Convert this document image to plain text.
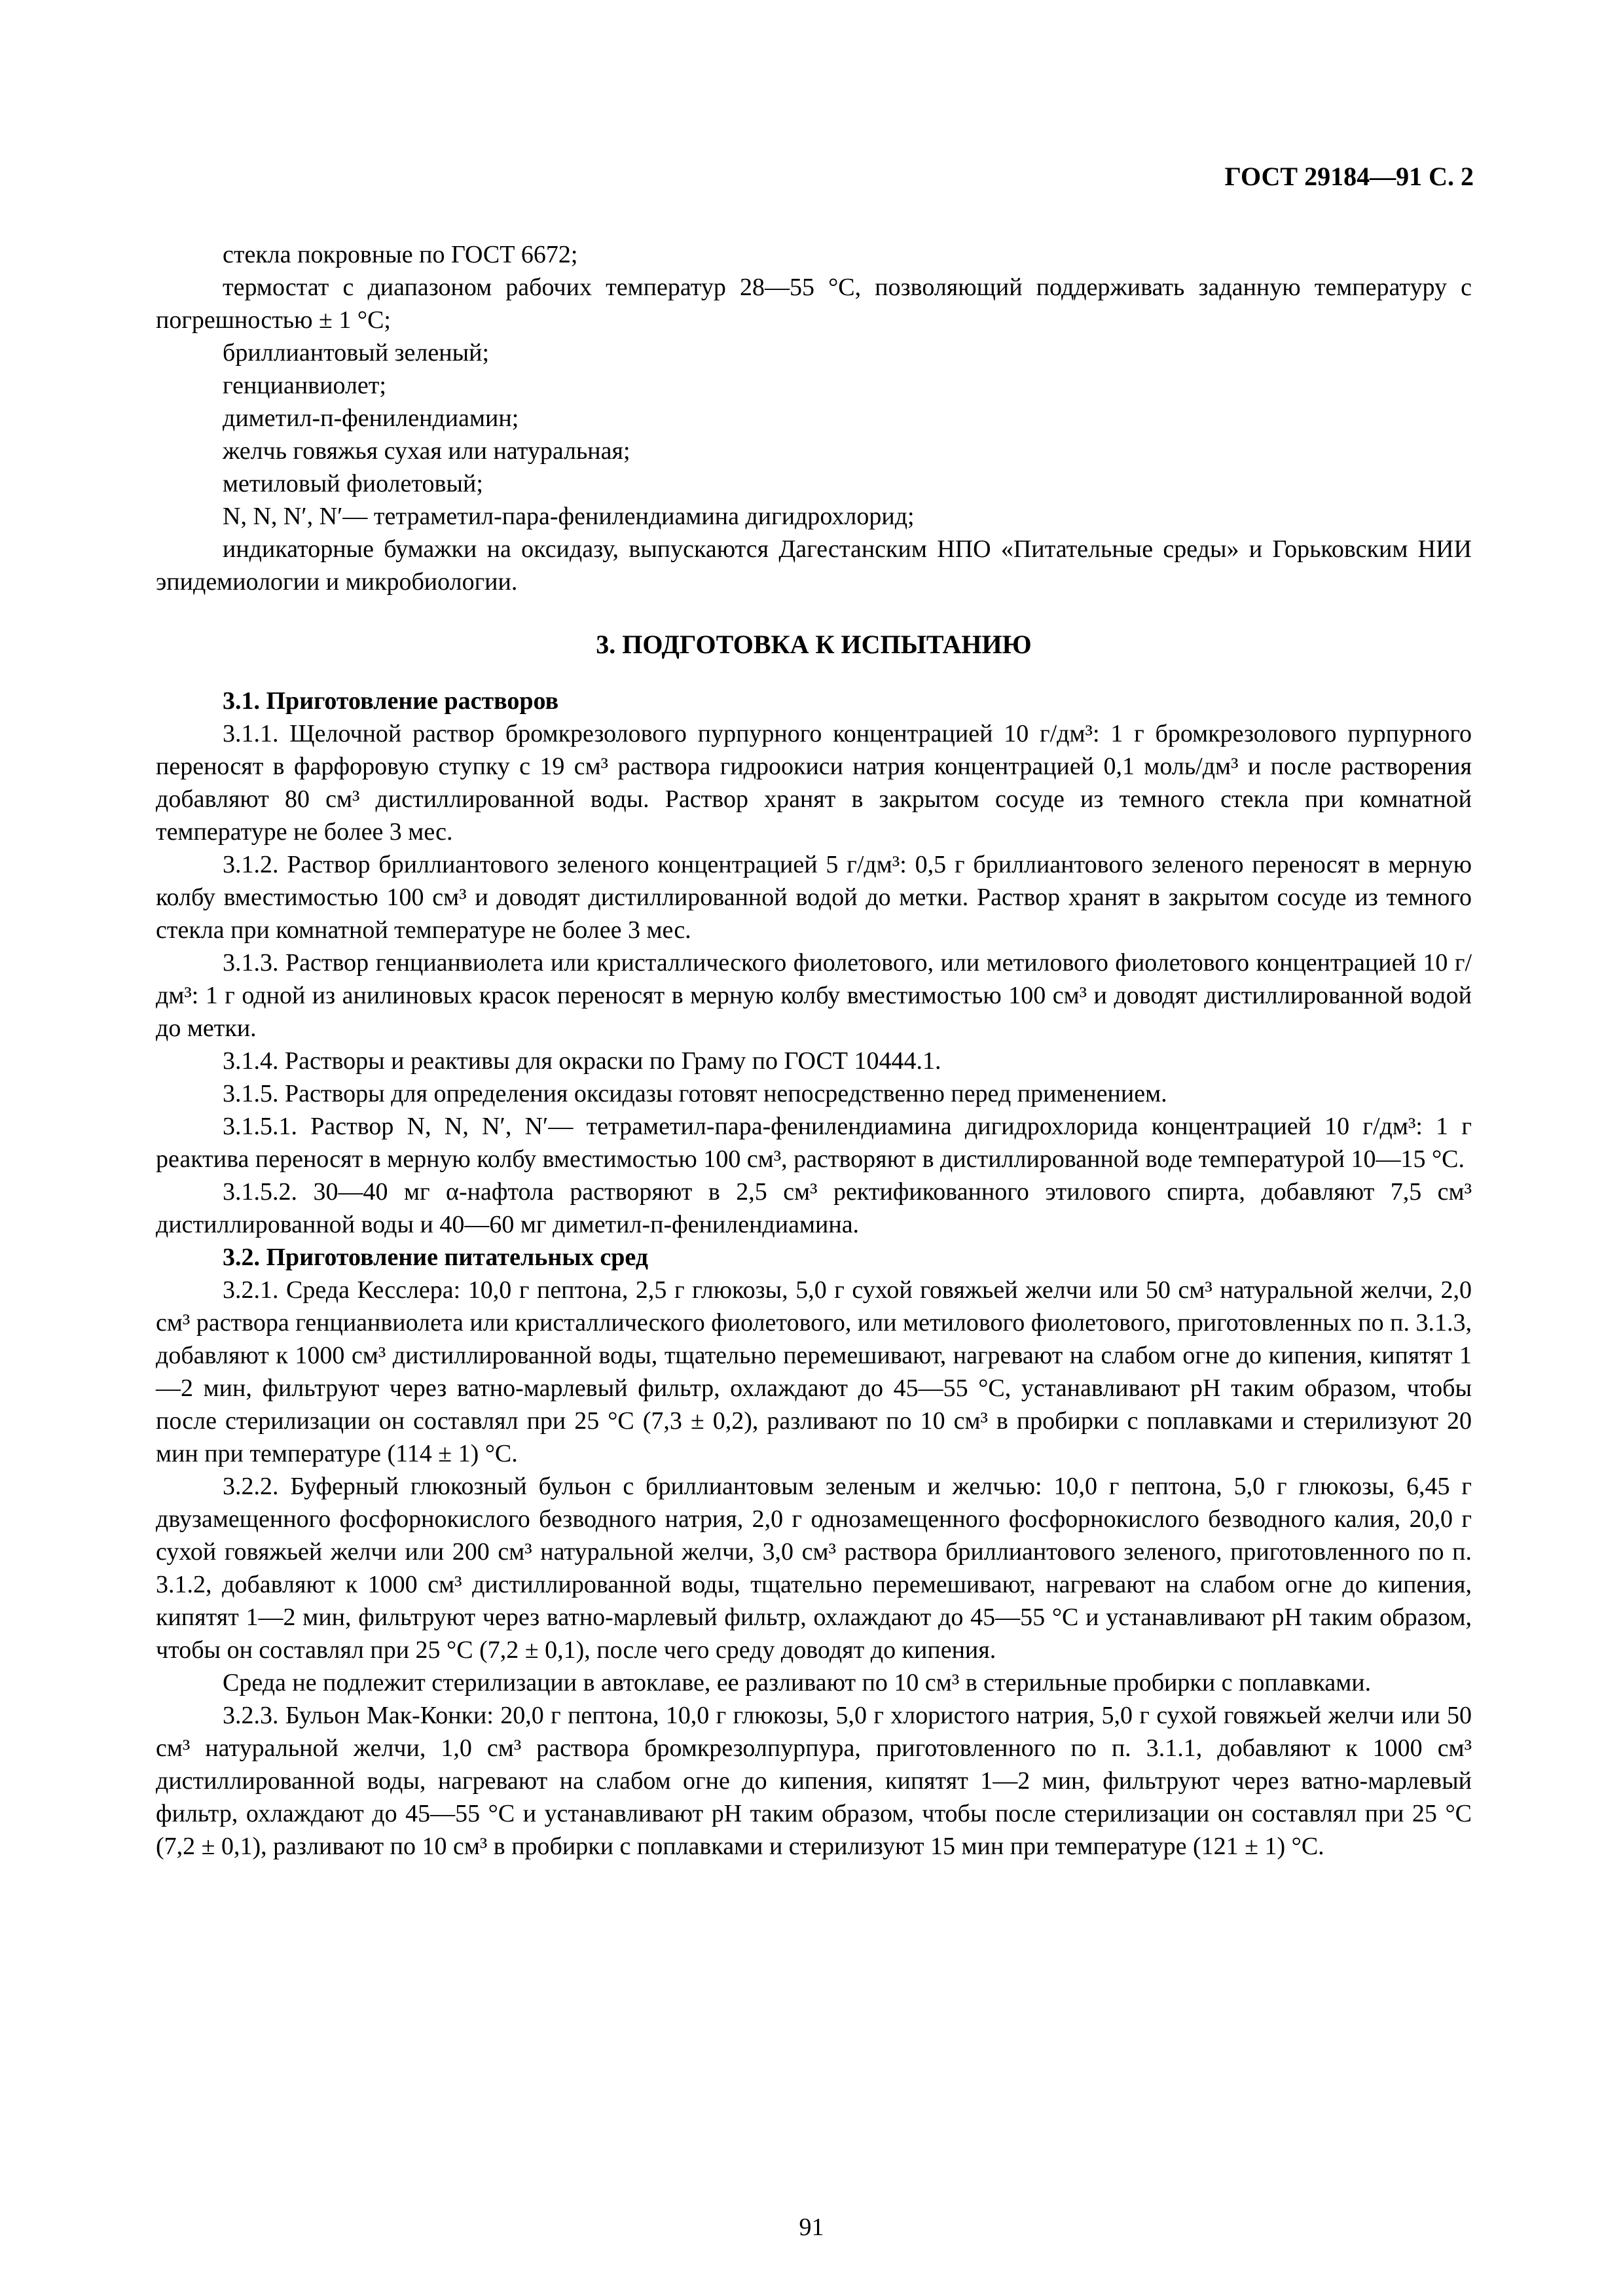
ГОСТ 29184—91 С. 2

стекла покровные по ГОСТ 6672;

термостат с диапазоном рабочих температур 28—55 °С, позволяющий поддерживать заданную температуру с погрешностью ± 1 °С;

бриллиантовый зеленый;

генцианвиолет;

диметил-п-фенилендиамин;

желчь говяжья сухая или натуральная;

метиловый фиолетовый;

N, N, N′, N′— тетраметил-пара-фенилендиамина дигидрохлорид;

индикаторные бумажки на оксидазу, выпускаются Дагестанским НПО «Питательные среды» и Горьковским НИИ эпидемиологии и микробиологии.

3. ПОДГОТОВКА К ИСПЫТАНИЮ

3.1. Приготовление растворов

3.1.1. Щелочной раствор бромкрезолового пурпурного концентрацией 10 г/дм³: 1 г бромкрезолового пурпурного переносят в фарфоровую ступку с 19 см³ раствора гидроокиси натрия концентрацией 0,1 моль/дм³ и после растворения добавляют 80 см³ дистиллированной воды. Раствор хранят в закрытом сосуде из темного стекла при комнатной температуре не более 3 мес.

3.1.2. Раствор бриллиантового зеленого концентрацией 5 г/дм³: 0,5 г бриллиантового зеленого переносят в мерную колбу вместимостью 100 см³ и доводят дистиллированной водой до метки. Раствор хранят в закрытом сосуде из темного стекла при комнатной температуре не более 3 мес.

3.1.3. Раствор генцианвиолета или кристаллического фиолетового, или метилового фиолетового концентрацией 10 г/дм³: 1 г одной из анилиновых красок переносят в мерную колбу вместимостью 100 см³ и доводят дистиллированной водой до метки.

3.1.4. Растворы и реактивы для окраски по Граму по ГОСТ 10444.1.

3.1.5. Растворы для определения оксидазы готовят непосредственно перед применением.

3.1.5.1. Раствор N, N, N′, N′— тетраметил-пара-фенилендиамина дигидрохлорида концентрацией 10 г/дм³: 1 г реактива переносят в мерную колбу вместимостью 100 см³, растворяют в дистиллированной воде температурой 10—15 °С.

3.1.5.2. 30—40 мг α-нафтола растворяют в 2,5 см³ ректификованного этилового спирта, добавляют 7,5 см³ дистиллированной воды и 40—60 мг диметил-п-фенилендиамина.

3.2. Приготовление питательных сред

3.2.1. Среда Кесслера: 10,0 г пептона, 2,5 г глюкозы, 5,0 г сухой говяжьей желчи или 50 см³ натуральной желчи, 2,0 см³ раствора генцианвиолета или кристаллического фиолетового, или метилового фиолетового, приготовленных по п. 3.1.3, добавляют к 1000 см³ дистиллированной воды, тщательно перемешивают, нагревают на слабом огне до кипения, кипятят 1—2 мин, фильтруют через ватно-марлевый фильтр, охлаждают до 45—55 °С, устанавливают pH таким образом, чтобы после стерилизации он составлял при 25 °С (7,3 ± 0,2), разливают по 10 см³ в пробирки с поплавками и стерилизуют 20 мин при температуре (114 ± 1) °С.

3.2.2. Буферный глюкозный бульон с бриллиантовым зеленым и желчью: 10,0 г пептона, 5,0 г глюкозы, 6,45 г двузамещенного фосфорнокислого безводного натрия, 2,0 г однозамещенного фосфорнокислого безводного калия, 20,0 г сухой говяжьей желчи или 200 см³ натуральной желчи, 3,0 см³ раствора бриллиантового зеленого, приготовленного по п. 3.1.2, добавляют к 1000 см³ дистиллированной воды, тщательно перемешивают, нагревают на слабом огне до кипения, кипятят 1—2 мин, фильтруют через ватно-марлевый фильтр, охлаждают до 45—55 °С и устанавливают pH таким образом, чтобы он составлял при 25 °С (7,2 ± 0,1), после чего среду доводят до кипения.

Среда не подлежит стерилизации в автоклаве, ее разливают по 10 см³ в стерильные пробирки с поплавками.

3.2.3. Бульон Мак-Конки: 20,0 г пептона, 10,0 г глюкозы, 5,0 г хлористого натрия, 5,0 г сухой говяжьей желчи или 50 см³ натуральной желчи, 1,0 см³ раствора бромкрезолпурпура, приготовленного по п. 3.1.1, добавляют к 1000 см³ дистиллированной воды, нагревают на слабом огне до кипения, кипятят 1—2 мин, фильтруют через ватно-марлевый фильтр, охлаждают до 45—55 °С и устанавливают pH таким образом, чтобы после стерилизации он составлял при 25 °С (7,2 ± 0,1), разливают по 10 см³ в пробирки с поплавками и стерилизуют 15 мин при температуре (121 ± 1) °С.

91
